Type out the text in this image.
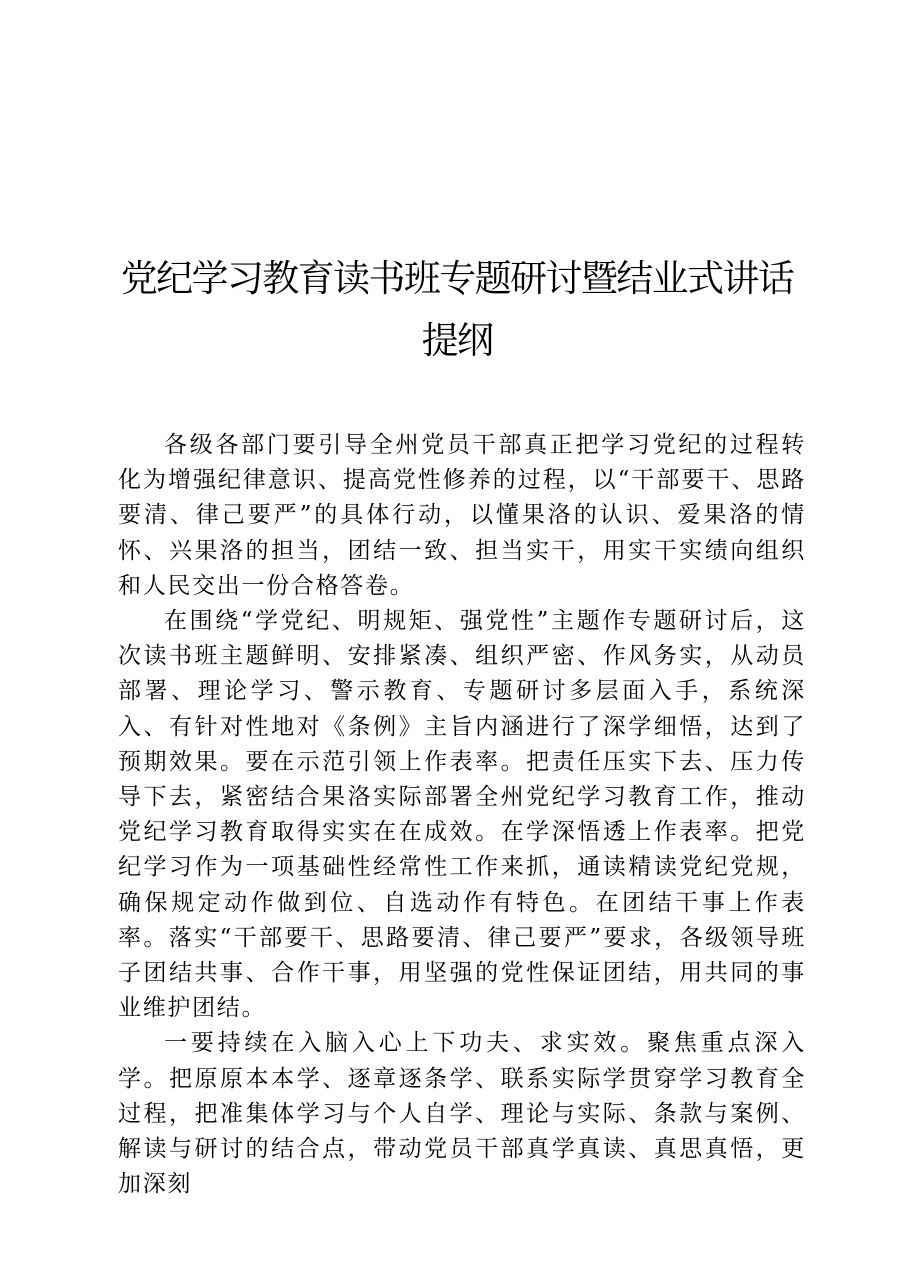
党纪学习教育读书班专题研讨暨结业式讲话提纲

各级各部门要引导全州党员干部真正把学习党纪的过程转化为增强纪律意识、提高党性修养的过程，以“干部要干、思路要清、律己要严”的具体行动，以懂果洛的认识、爱果洛的情怀、兴果洛的担当，团结一致、担当实干，用实干实绩向组织和人民交出一份合格答卷。

在围绕“学党纪、明规矩、强党性”主题作专题研讨后，这次读书班主题鲜明、安排紧凑、组织严密、作风务实，从动员部署、理论学习、警示教育、专题研讨多层面入手，系统深入、有针对性地对《条例》主旨内涵进行了深学细悟，达到了预期效果。要在示范引领上作表率。把责任压实下去、压力传导下去，紧密结合果洛实际部署全州党纪学习教育工作，推动党纪学习教育取得实实在在成效。在学深悟透上作表率。把党纪学习作为一项基础性经常性工作来抓，通读精读党纪党规，确保规定动作做到位、自选动作有特色。在团结干事上作表率。落实“干部要干、思路要清、律己要严”要求，各级领导班子团结共事、合作干事，用坚强的党性保证团结，用共同的事业维护团结。

一要持续在入脑入心上下功夫、求实效。聚焦重点深入学。把原原本本学、逐章逐条学、联系实际学贯穿学习教育全过程，把准集体学习与个人自学、理论与实际、条款与案例、解读与研讨的结合点，带动党员干部真学真读、真思真悟，更加深刻
